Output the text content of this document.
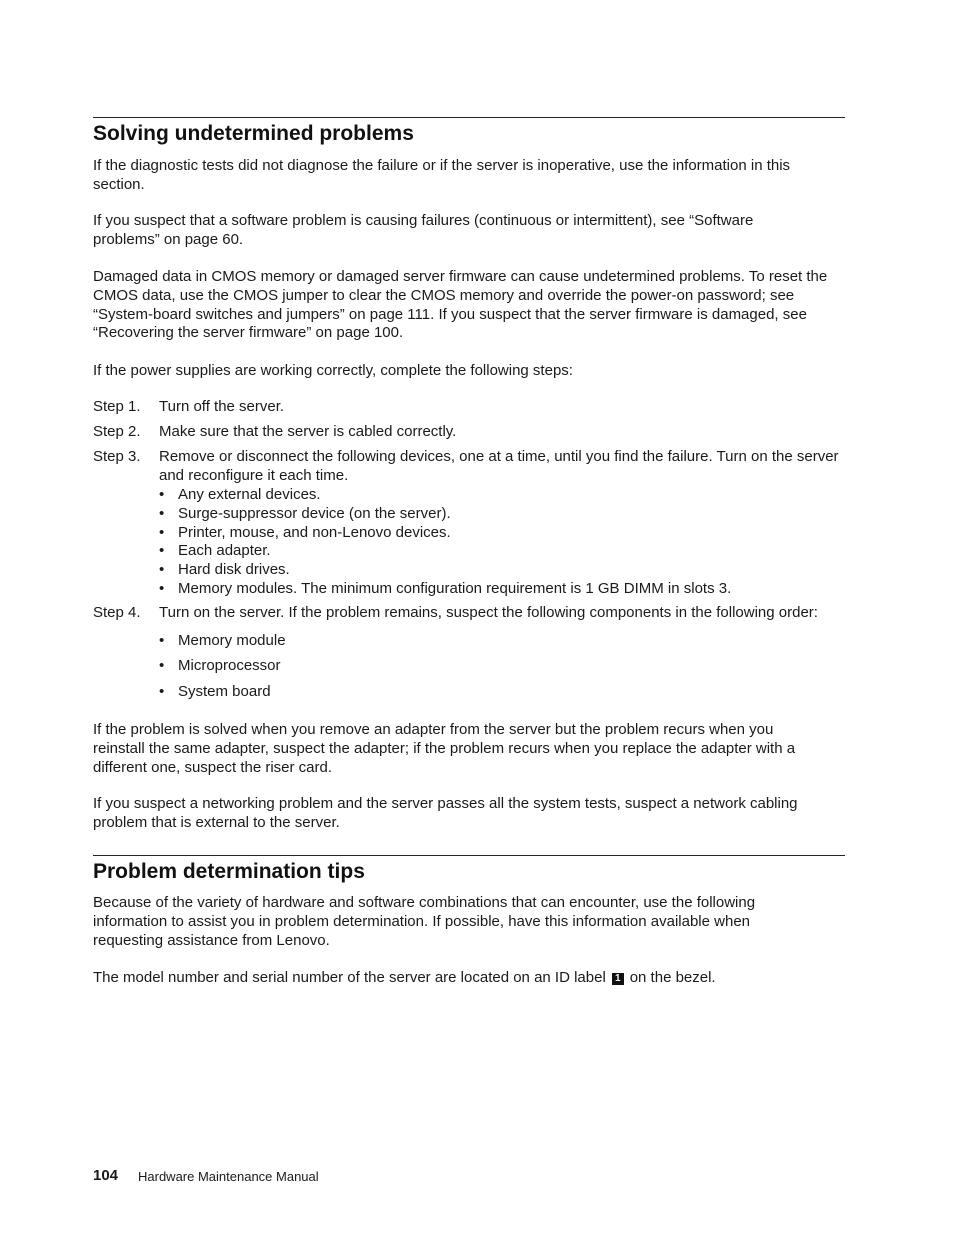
Solving undetermined problems

If the diagnostic tests did not diagnose the failure or if the server is inoperative, use the information in this section.

If you suspect that a software problem is causing failures (continuous or intermittent), see “Software problems” on page 60.

Damaged data in CMOS memory or damaged server firmware can cause undetermined problems. To reset the CMOS data, use the CMOS jumper to clear the CMOS memory and override the power-on password; see “System-board switches and jumpers” on page 111. If you suspect that the server firmware is damaged, see “Recovering the server firmware” on page 100.

If the power supplies are working correctly, complete the following steps:

Step 1.	Turn off the server.
Step 2.	Make sure that the server is cabled correctly.
Step 3.	Remove or disconnect the following devices, one at a time, until you find the failure. Turn on the server and reconfigure it each time.
• Any external devices.
• Surge-suppressor device (on the server).
• Printer, mouse, and non-Lenovo devices.
• Each adapter.
• Hard disk drives.
• Memory modules. The minimum configuration requirement is 1 GB DIMM in slots 3.
Step 4.	Turn on the server. If the problem remains, suspect the following components in the following order:
• Memory module
• Microprocessor
• System board

If the problem is solved when you remove an adapter from the server but the problem recurs when you reinstall the same adapter, suspect the adapter; if the problem recurs when you replace the adapter with a different one, suspect the riser card.

If you suspect a networking problem and the server passes all the system tests, suspect a network cabling problem that is external to the server.

Problem determination tips

Because of the variety of hardware and software combinations that can encounter, use the following information to assist you in problem determination. If possible, have this information available when requesting assistance from Lenovo.

The model number and serial number of the server are located on an ID label 1 on the bezel.

104 Hardware Maintenance Manual
